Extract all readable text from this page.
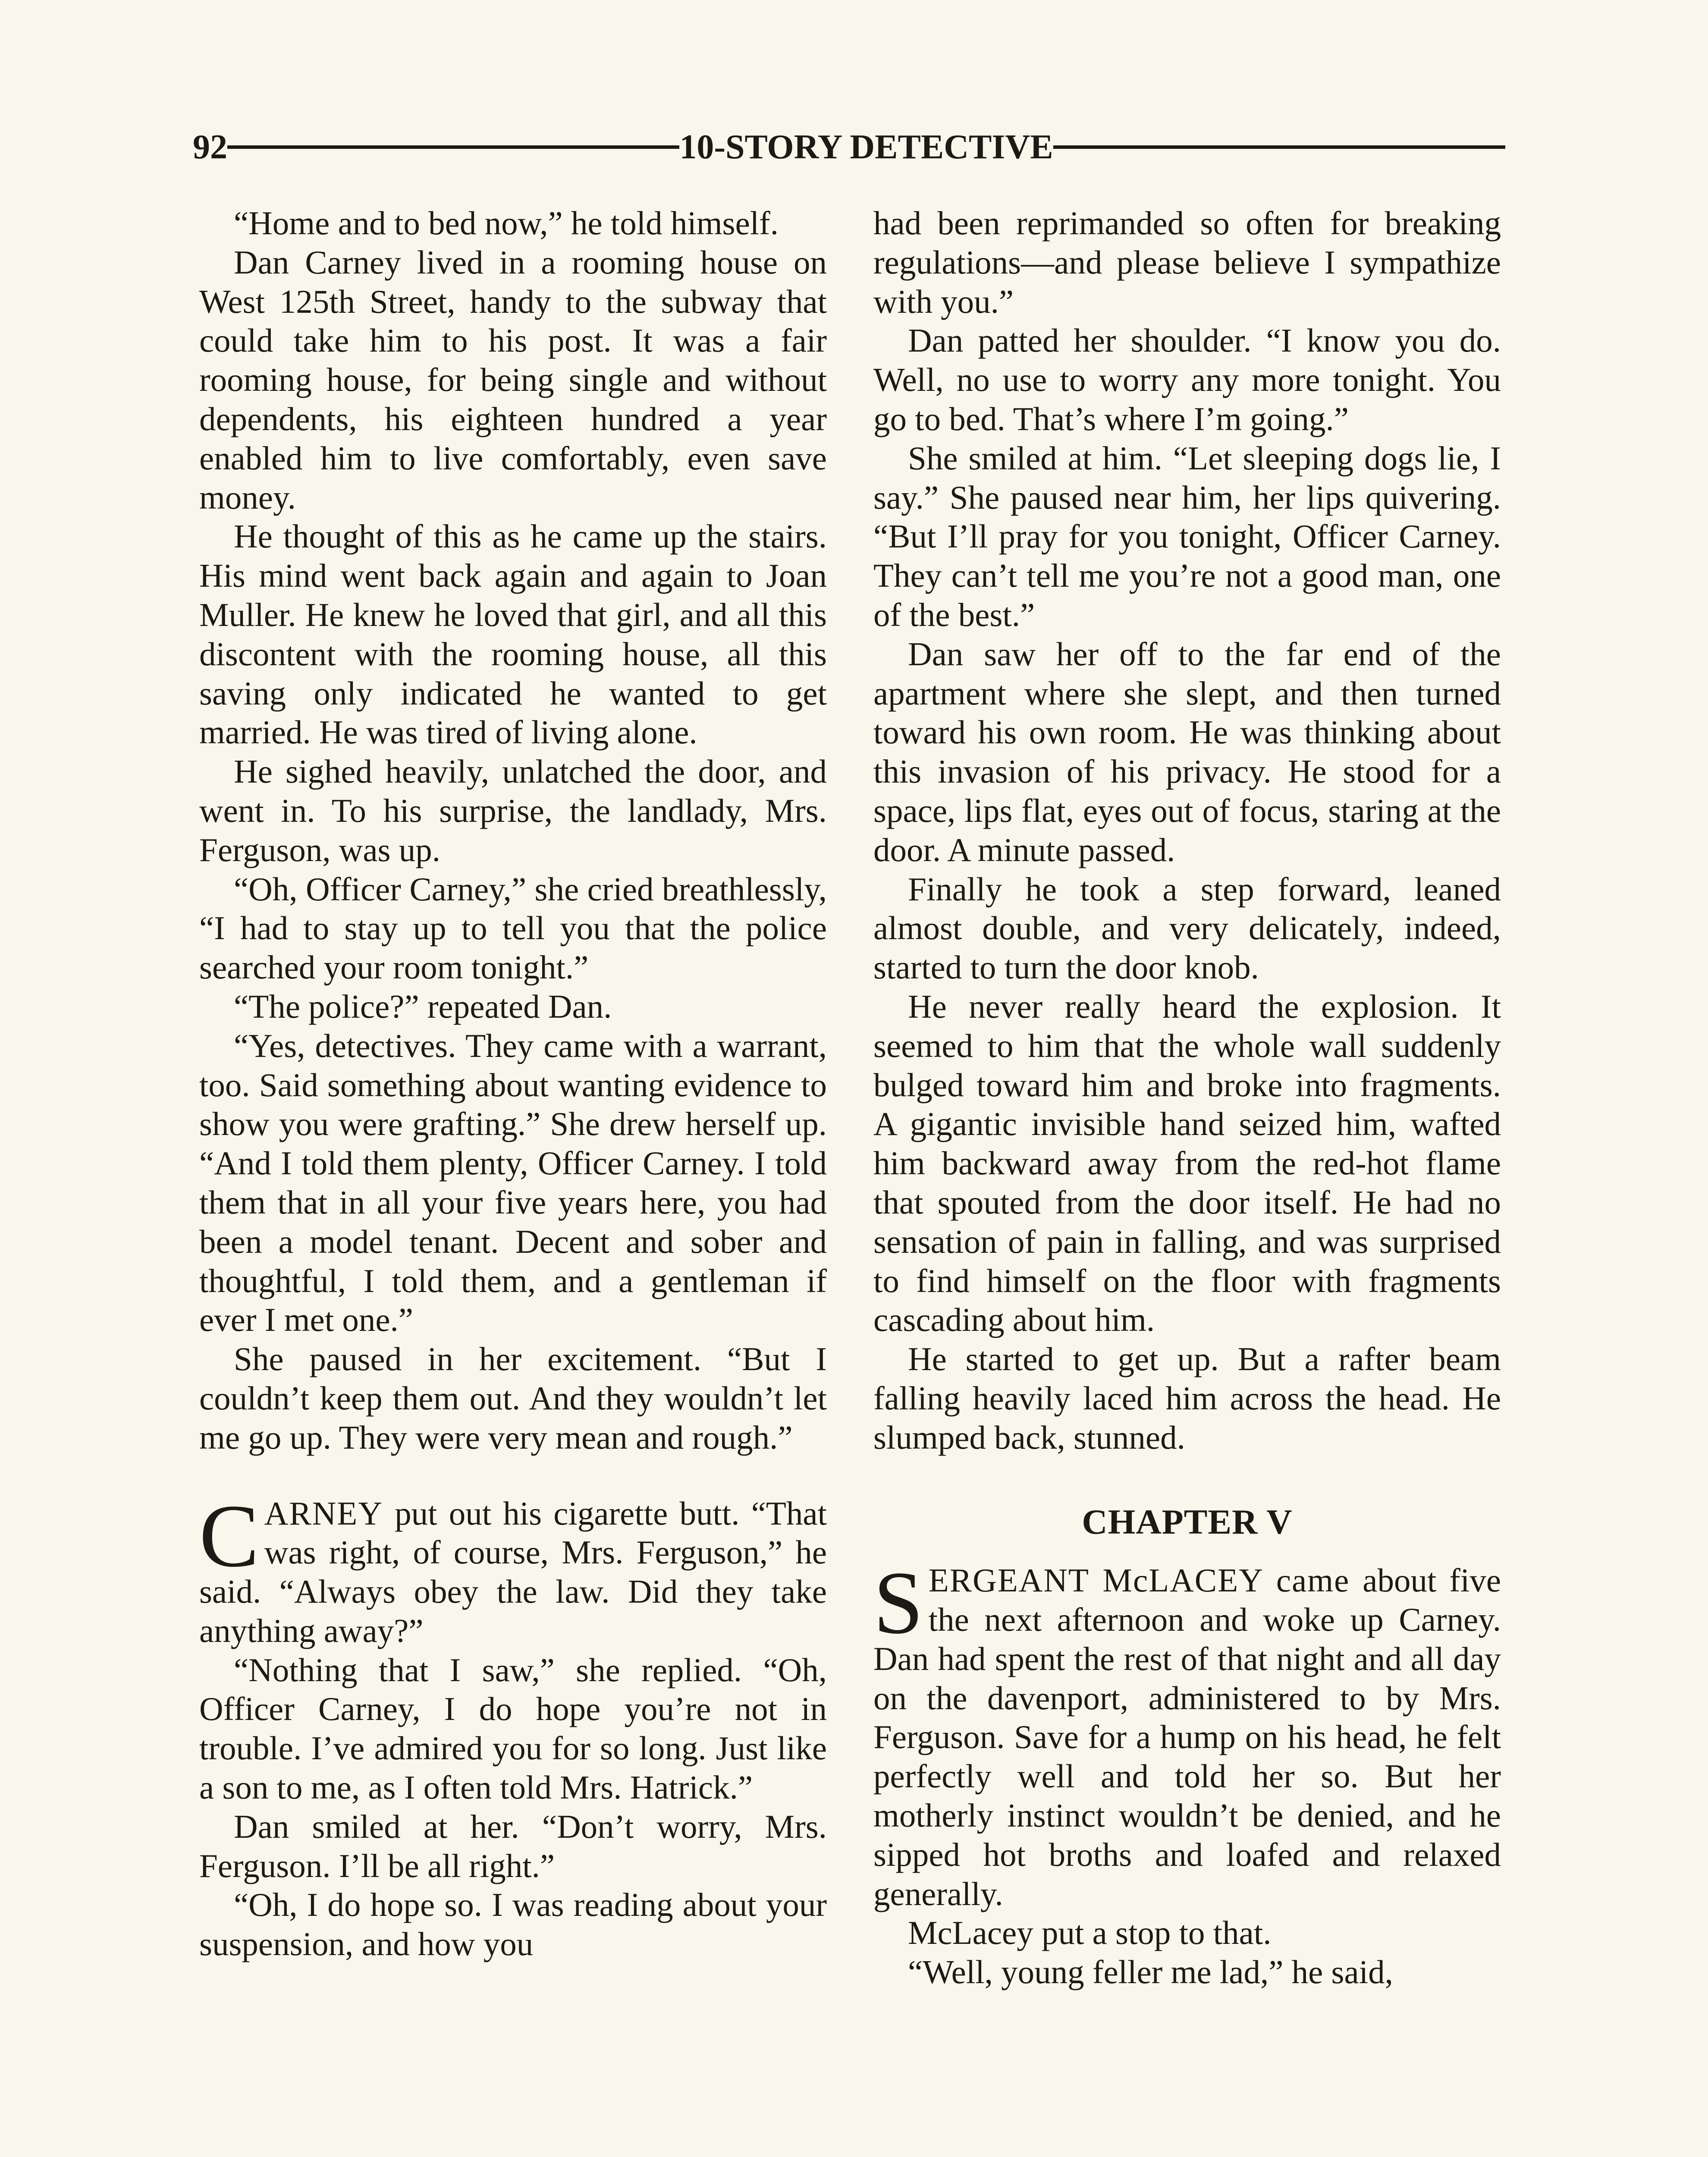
92	10-STORY DETECTIVE

“Home and to bed now,” he told himself.

Dan Carney lived in a rooming house on West 125th Street, handy to the subway that could take him to his post. It was a fair rooming house, for being single and without dependents, his eighteen hundred a year enabled him to live comfortably, even save money.

He thought of this as he came up the stairs. His mind went back again and again to Joan Muller. He knew he loved that girl, and all this discontent with the rooming house, all this saving only indicated he wanted to get married. He was tired of living alone.

He sighed heavily, unlatched the door, and went in. To his surprise, the landlady, Mrs. Ferguson, was up.

“Oh, Officer Carney,” she cried breathlessly, “I had to stay up to tell you that the police searched your room tonight.”

“The police?” repeated Dan.

“Yes, detectives. They came with a warrant, too. Said something about wanting evidence to show you were grafting.” She drew herself up. “And I told them plenty, Officer Carney. I told them that in all your five years here, you had been a model tenant. Decent and sober and thoughtful, I told them, and a gentleman if ever I met one.”

She paused in her excitement. “But I couldn’t keep them out. And they wouldn’t let me go up. They were very mean and rough.”

CARNEY put out his cigarette butt. “That was right, of course, Mrs. Ferguson,” he said. “Always obey the law. Did they take anything away?”

“Nothing that I saw,” she replied. “Oh, Officer Carney, I do hope you’re not in trouble. I’ve admired you for so long. Just like a son to me, as I often told Mrs. Hatrick.”

Dan smiled at her. “Don’t worry, Mrs. Ferguson. I’ll be all right.”

“Oh, I do hope so. I was reading about your suspension, and how you

had been reprimanded so often for breaking regulations—and please believe I sympathize with you.”

Dan patted her shoulder. “I know you do. Well, no use to worry any more tonight. You go to bed. That’s where I’m going.”

She smiled at him. “Let sleeping dogs lie, I say.” She paused near him, her lips quivering. “But I’ll pray for you tonight, Officer Carney. They can’t tell me you’re not a good man, one of the best.”

Dan saw her off to the far end of the apartment where she slept, and then turned toward his own room. He was thinking about this invasion of his privacy. He stood for a space, lips flat, eyes out of focus, staring at the door. A minute passed.

Finally he took a step forward, leaned almost double, and very delicately, indeed, started to turn the door knob.

He never really heard the explosion. It seemed to him that the whole wall suddenly bulged toward him and broke into fragments. A gigantic invisible hand seized him, wafted him backward away from the red-hot flame that spouted from the door itself. He had no sensation of pain in falling, and was surprised to find himself on the floor with fragments cascading about him.

He started to get up. But a rafter beam falling heavily laced him across the head. He slumped back, stunned.

CHAPTER V

SERGEANT McLACEY came about five the next afternoon and woke up Carney. Dan had spent the rest of that night and all day on the davenport, administered to by Mrs. Ferguson. Save for a hump on his head, he felt perfectly well and told her so. But her motherly instinct wouldn’t be denied, and he sipped hot broths and loafed and relaxed generally.

McLacey put a stop to that.

“Well, young feller me lad,” he said,
